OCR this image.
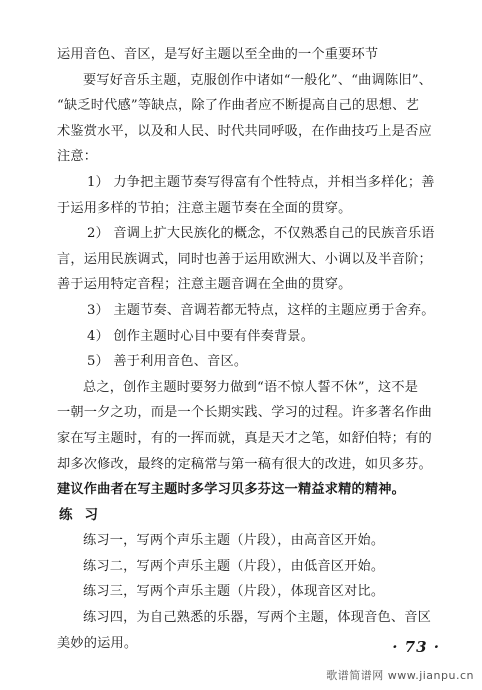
运用音色、音区，是写好主题以至全曲的一个重要环节

要写好音乐主题，克服创作中诸如“一般化”、“曲调陈旧”、
“缺乏时代感”等缺点，除了作曲者应不断提高自己的思想、艺
术鉴赏水平，以及和人民、时代共同呼吸，在作曲技巧上是否应
注意：

1） 力争把主题节奏写得富有个性特点，并相当多样化；善
于运用多样的节拍；注意主题节奏在全面的贯穿。

2） 音调上扩大民族化的概念，不仅熟悉自己的民族音乐语
言，运用民族调式，同时也善于运用欧洲大、小调以及半音阶；
善于运用特定音程；注意主题音调在全曲的贯穿。

3） 主题节奏、音调若都无特点，这样的主题应勇于舍弃。

4） 创作主题时心目中要有伴奏背景。

5） 善于利用音色、音区。

总之，创作主题时要努力做到“语不惊人誓不休”，这不是
一朝一夕之功，而是一个长期实践、学习的过程。许多著名作曲
家在写主题时，有的一挥而就，真是天才之笔，如舒伯特；有的
却多次修改，最终的定稿常与第一稿有很大的改进，如贝多芬。
建议作曲者在写主题时多学习贝多芬这一精益求精的精神。

练习

练习一，写两个声乐主题（片段），由高音区开始。

练习二，写两个声乐主题（片段），由低音区开始。

练习三，写两个声乐主题（片段），体现音区对比。

练习四，为自己熟悉的乐器，写两个主题，体现音色、音区
美妙的运用。	· 73 ·
歌谱简谱网 www.jianpu.cn
